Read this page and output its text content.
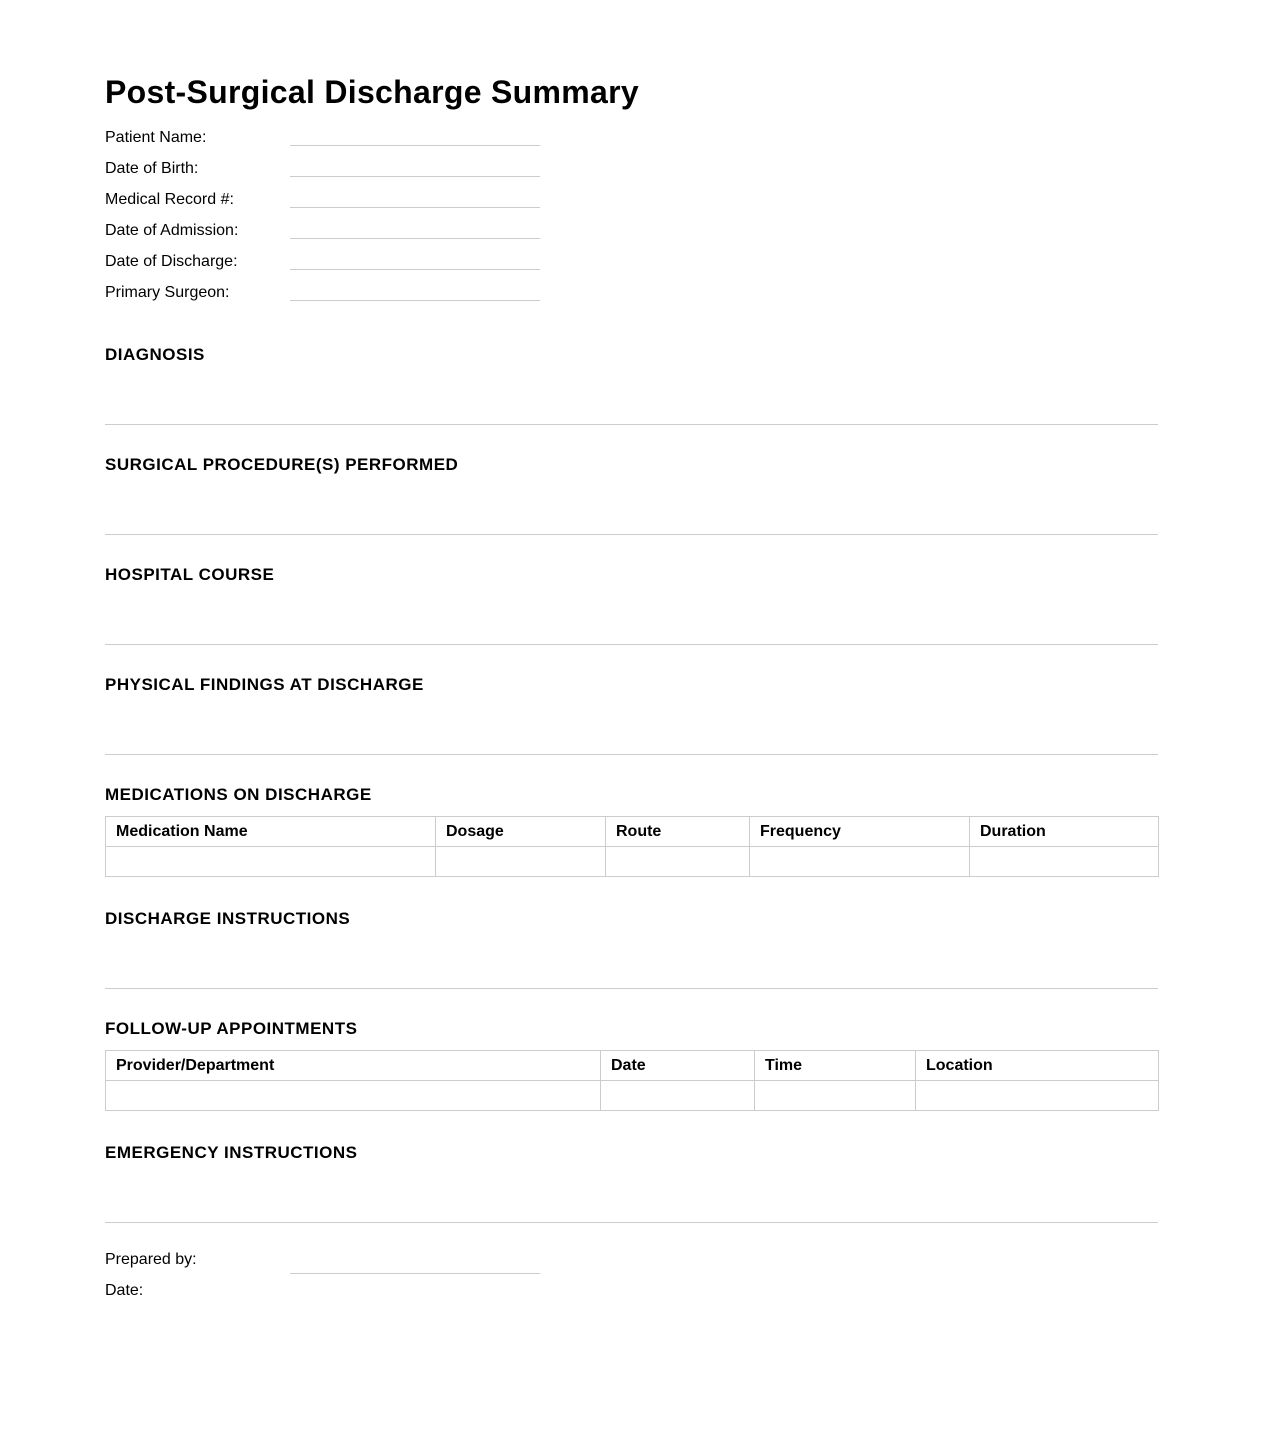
Post-Surgical Discharge Summary
Patient Name:
Date of Birth:
Medical Record #:
Date of Admission:
Date of Discharge:
Primary Surgeon:
DIAGNOSIS
SURGICAL PROCEDURE(S) PERFORMED
HOSPITAL COURSE
PHYSICAL FINDINGS AT DISCHARGE
MEDICATIONS ON DISCHARGE
Medication Name	Dosage	Route	Frequency	Duration

DISCHARGE INSTRUCTIONS
FOLLOW-UP APPOINTMENTS
Provider/Department	Date	Time	Location

EMERGENCY INSTRUCTIONS
Prepared by:
Date:
